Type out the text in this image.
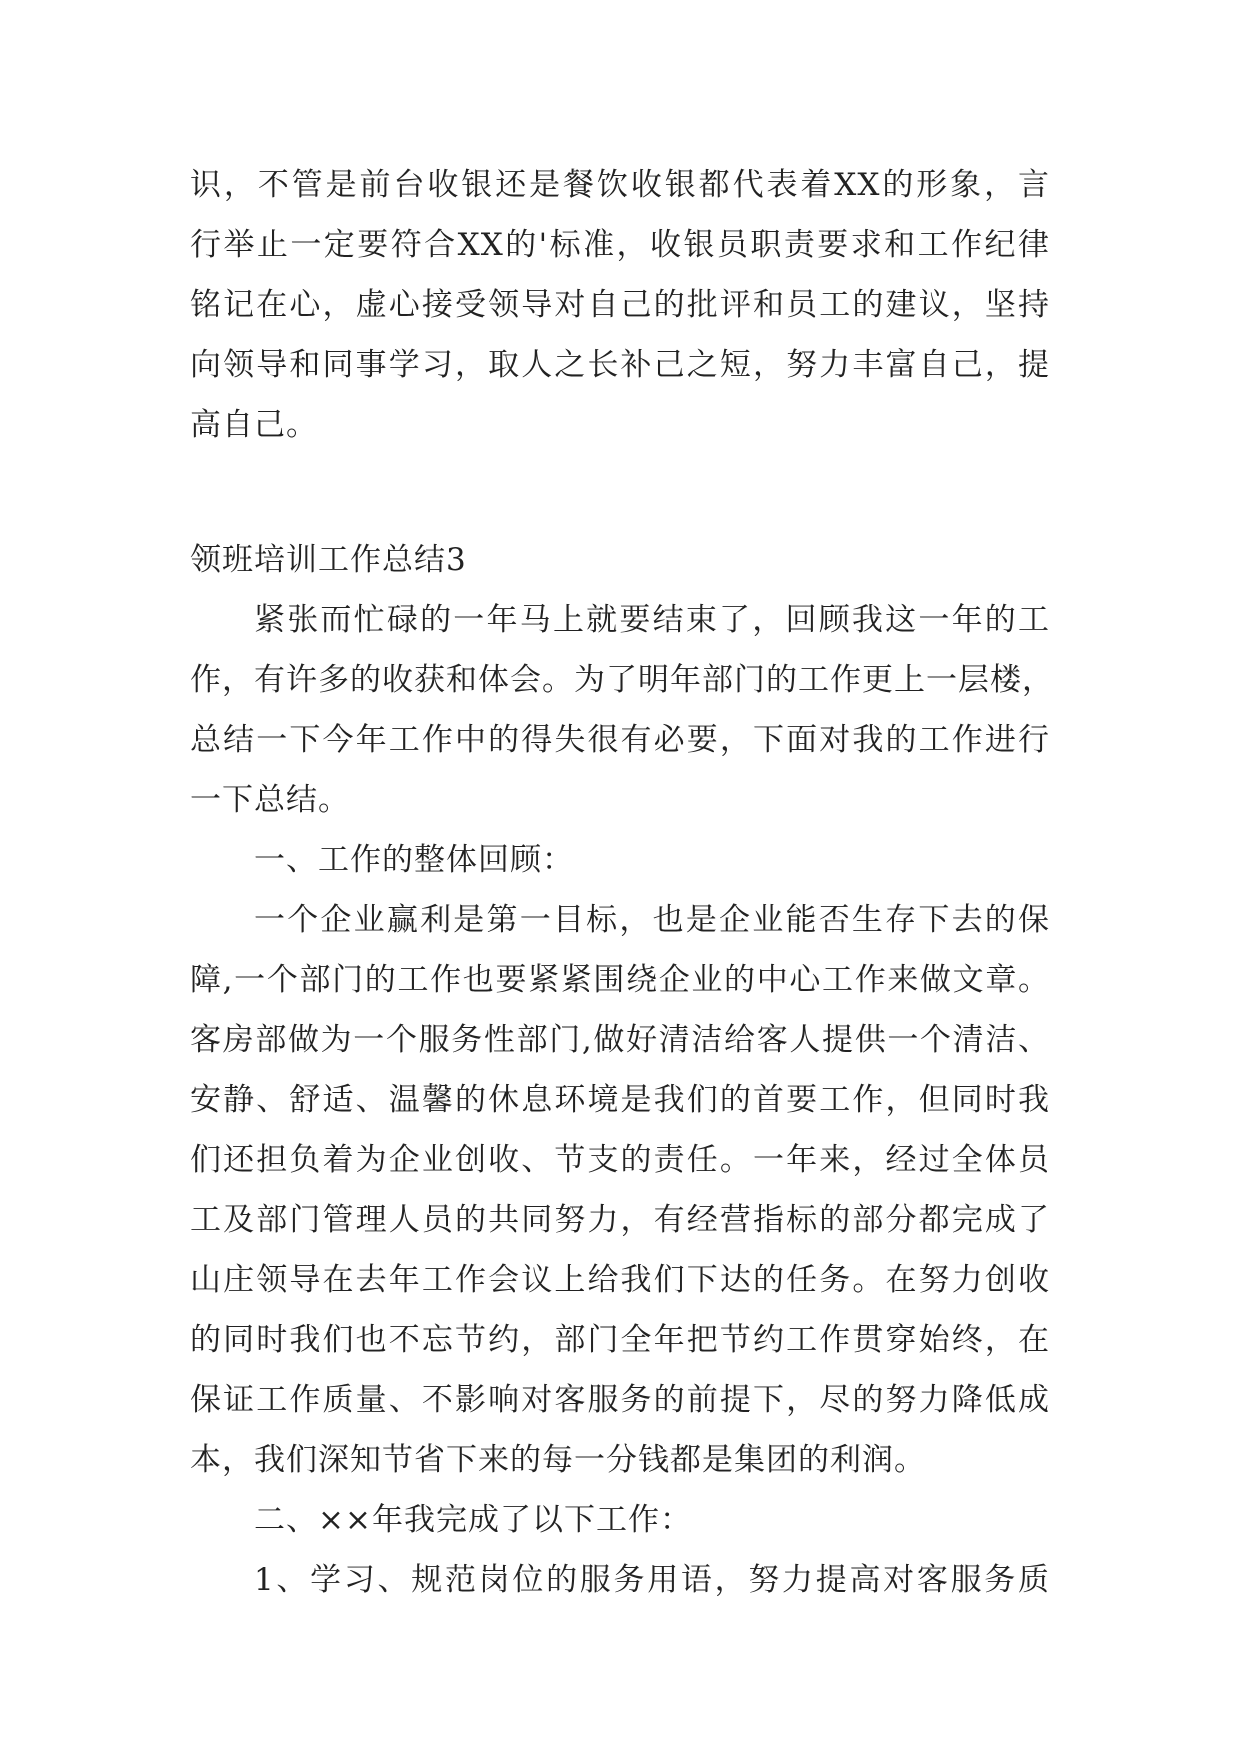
识，不管是前台收银还是餐饮收银都代表着XX的形象，言
行举止一定要符合XX的'标准，收银员职责要求和工作纪律
铭记在心，虚心接受领导对自己的批评和员工的建议，坚持
向领导和同事学习，取人之长补己之短，努力丰富自己，提
高自己。
领班培训工作总结3
紧张而忙碌的一年马上就要结束了，回顾我这一年的工
作，有许多的收获和体会。为了明年部门的工作更上一层楼，
总结一下今年工作中的得失很有必要，下面对我的工作进行
一下总结。
一、工作的整体回顾：
一个企业赢利是第一目标，也是企业能否生存下去的保
障,一个部门的工作也要紧紧围绕企业的中心工作来做文章。
客房部做为一个服务性部门,做好清洁给客人提供一个清洁、
安静、舒适、温馨的休息环境是我们的首要工作，但同时我
们还担负着为企业创收、节支的责任。一年来，经过全体员
工及部门管理人员的共同努力，有经营指标的部分都完成了
山庄领导在去年工作会议上给我们下达的任务。在努力创收
的同时我们也不忘节约，部门全年把节约工作贯穿始终，在
保证工作质量、不影响对客服务的前提下，尽的努力降低成
本，我们深知节省下来的每一分钱都是集团的利润。
二、××年我完成了以下工作：
1、学习、规范岗位的服务用语，努力提高对客服务质
